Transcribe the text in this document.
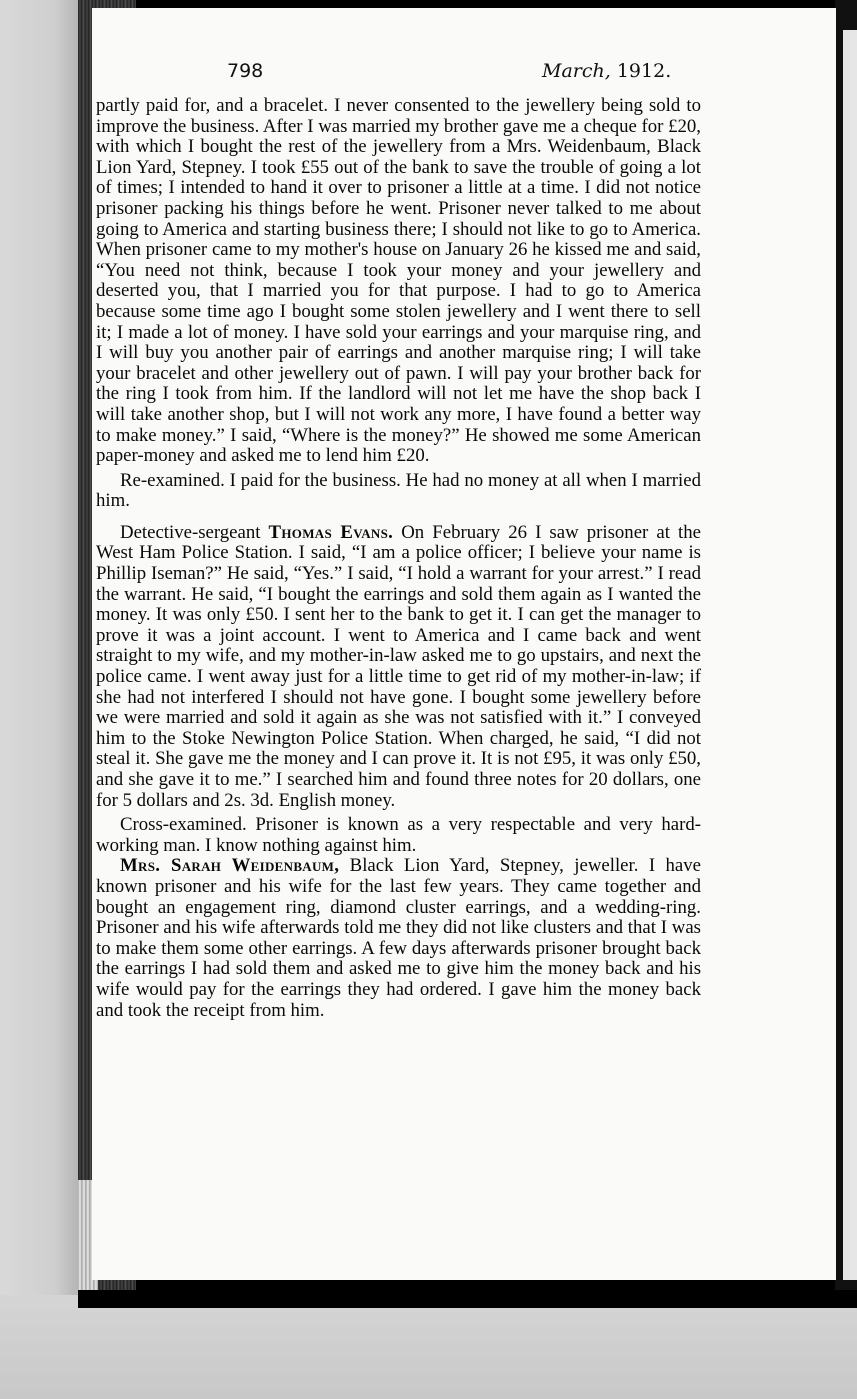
798	March, 1912.

partly paid for, and a bracelet. I never consented to the jewellery being sold to improve the business. After I was married my brother gave me a cheque for £20, with which I bought the rest of the jewellery from a Mrs. Weidenbaum, Black Lion Yard, Stepney. I took £55 out of the bank to save the trouble of going a lot of times; I intended to hand it over to prisoner a little at a time. I did not notice prisoner packing his things before he went. Prisoner never talked to me about going to America and starting business there; I should not like to go to America. When prisoner came to my mother's house on January 26 he kissed me and said, “You need not think, because I took your money and your jewellery and deserted you, that I married you for that purpose. I had to go to America because some time ago I bought some stolen jewellery and I went there to sell it; I made a lot of money. I have sold your earrings and your marquise ring, and I will buy you another pair of earrings and another marquise ring; I will take your bracelet and other jewellery out of pawn. I will pay your brother back for the ring I took from him. If the landlord will not let me have the shop back I will take another shop, but I will not work any more, I have found a better way to make money.” I said, “Where is the money?” He showed me some American paper-money and asked me to lend him £20.

Re-examined. I paid for the business. He had no money at all when I married him.

Detective-sergeant Thomas Evans. On February 26 I saw prisoner at the West Ham Police Station. I said, “I am a police officer; I believe your name is Phillip Iseman?” He said, “Yes.” I said, “I hold a warrant for your arrest.” I read the warrant. He said, “I bought the earrings and sold them again as I wanted the money. It was only £50. I sent her to the bank to get it. I can get the manager to prove it was a joint account. I went to America and I came back and went straight to my wife, and my mother-in-law asked me to go upstairs, and next the police came. I went away just for a little time to get rid of my mother-in-law; if she had not interfered I should not have gone. I bought some jewellery before we were married and sold it again as she was not satisfied with it.” I conveyed him to the Stoke Newington Police Station. When charged, he said, “I did not steal it. She gave me the money and I can prove it. It is not £95, it was only £50, and she gave it to me.” I searched him and found three notes for 20 dollars, one for 5 dollars and 2s. 3d. English money.

Cross-examined. Prisoner is known as a very respectable and very hard-working man. I know nothing against him.

Mrs. Sarah Weidenbaum, Black Lion Yard, Stepney, jeweller. I have known prisoner and his wife for the last few years. They came together and bought an engagement ring, diamond cluster earrings, and a wedding-ring. Prisoner and his wife afterwards told me they did not like clusters and that I was to make them some other earrings. A few days afterwards prisoner brought back the earrings I had sold them and asked me to give him the money back and his wife would pay for the earrings they had ordered. I gave him the money back and took the receipt from him.
